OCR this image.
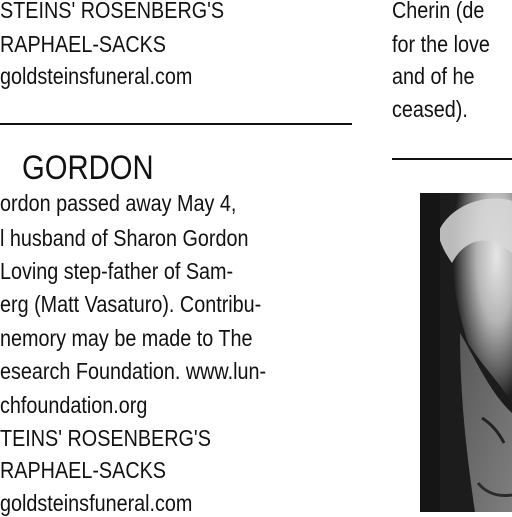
STEINS' ROSENBERG'S
RAPHAEL-SACKS
goldsteinsfuneral.com
GORDON
ordon passed away May 4,
l husband of Sharon Gordon
Loving step-father of Sam-
erg (Matt Vasaturo). Contribu-
nemory may be made to The
esearch Foundation. www.lun-
chfoundation.org
TEINS' ROSENBERG'S
RAPHAEL-SACKS
goldsteinsfuneral.com
Cherin (de
for the love
and of he
ceased).
